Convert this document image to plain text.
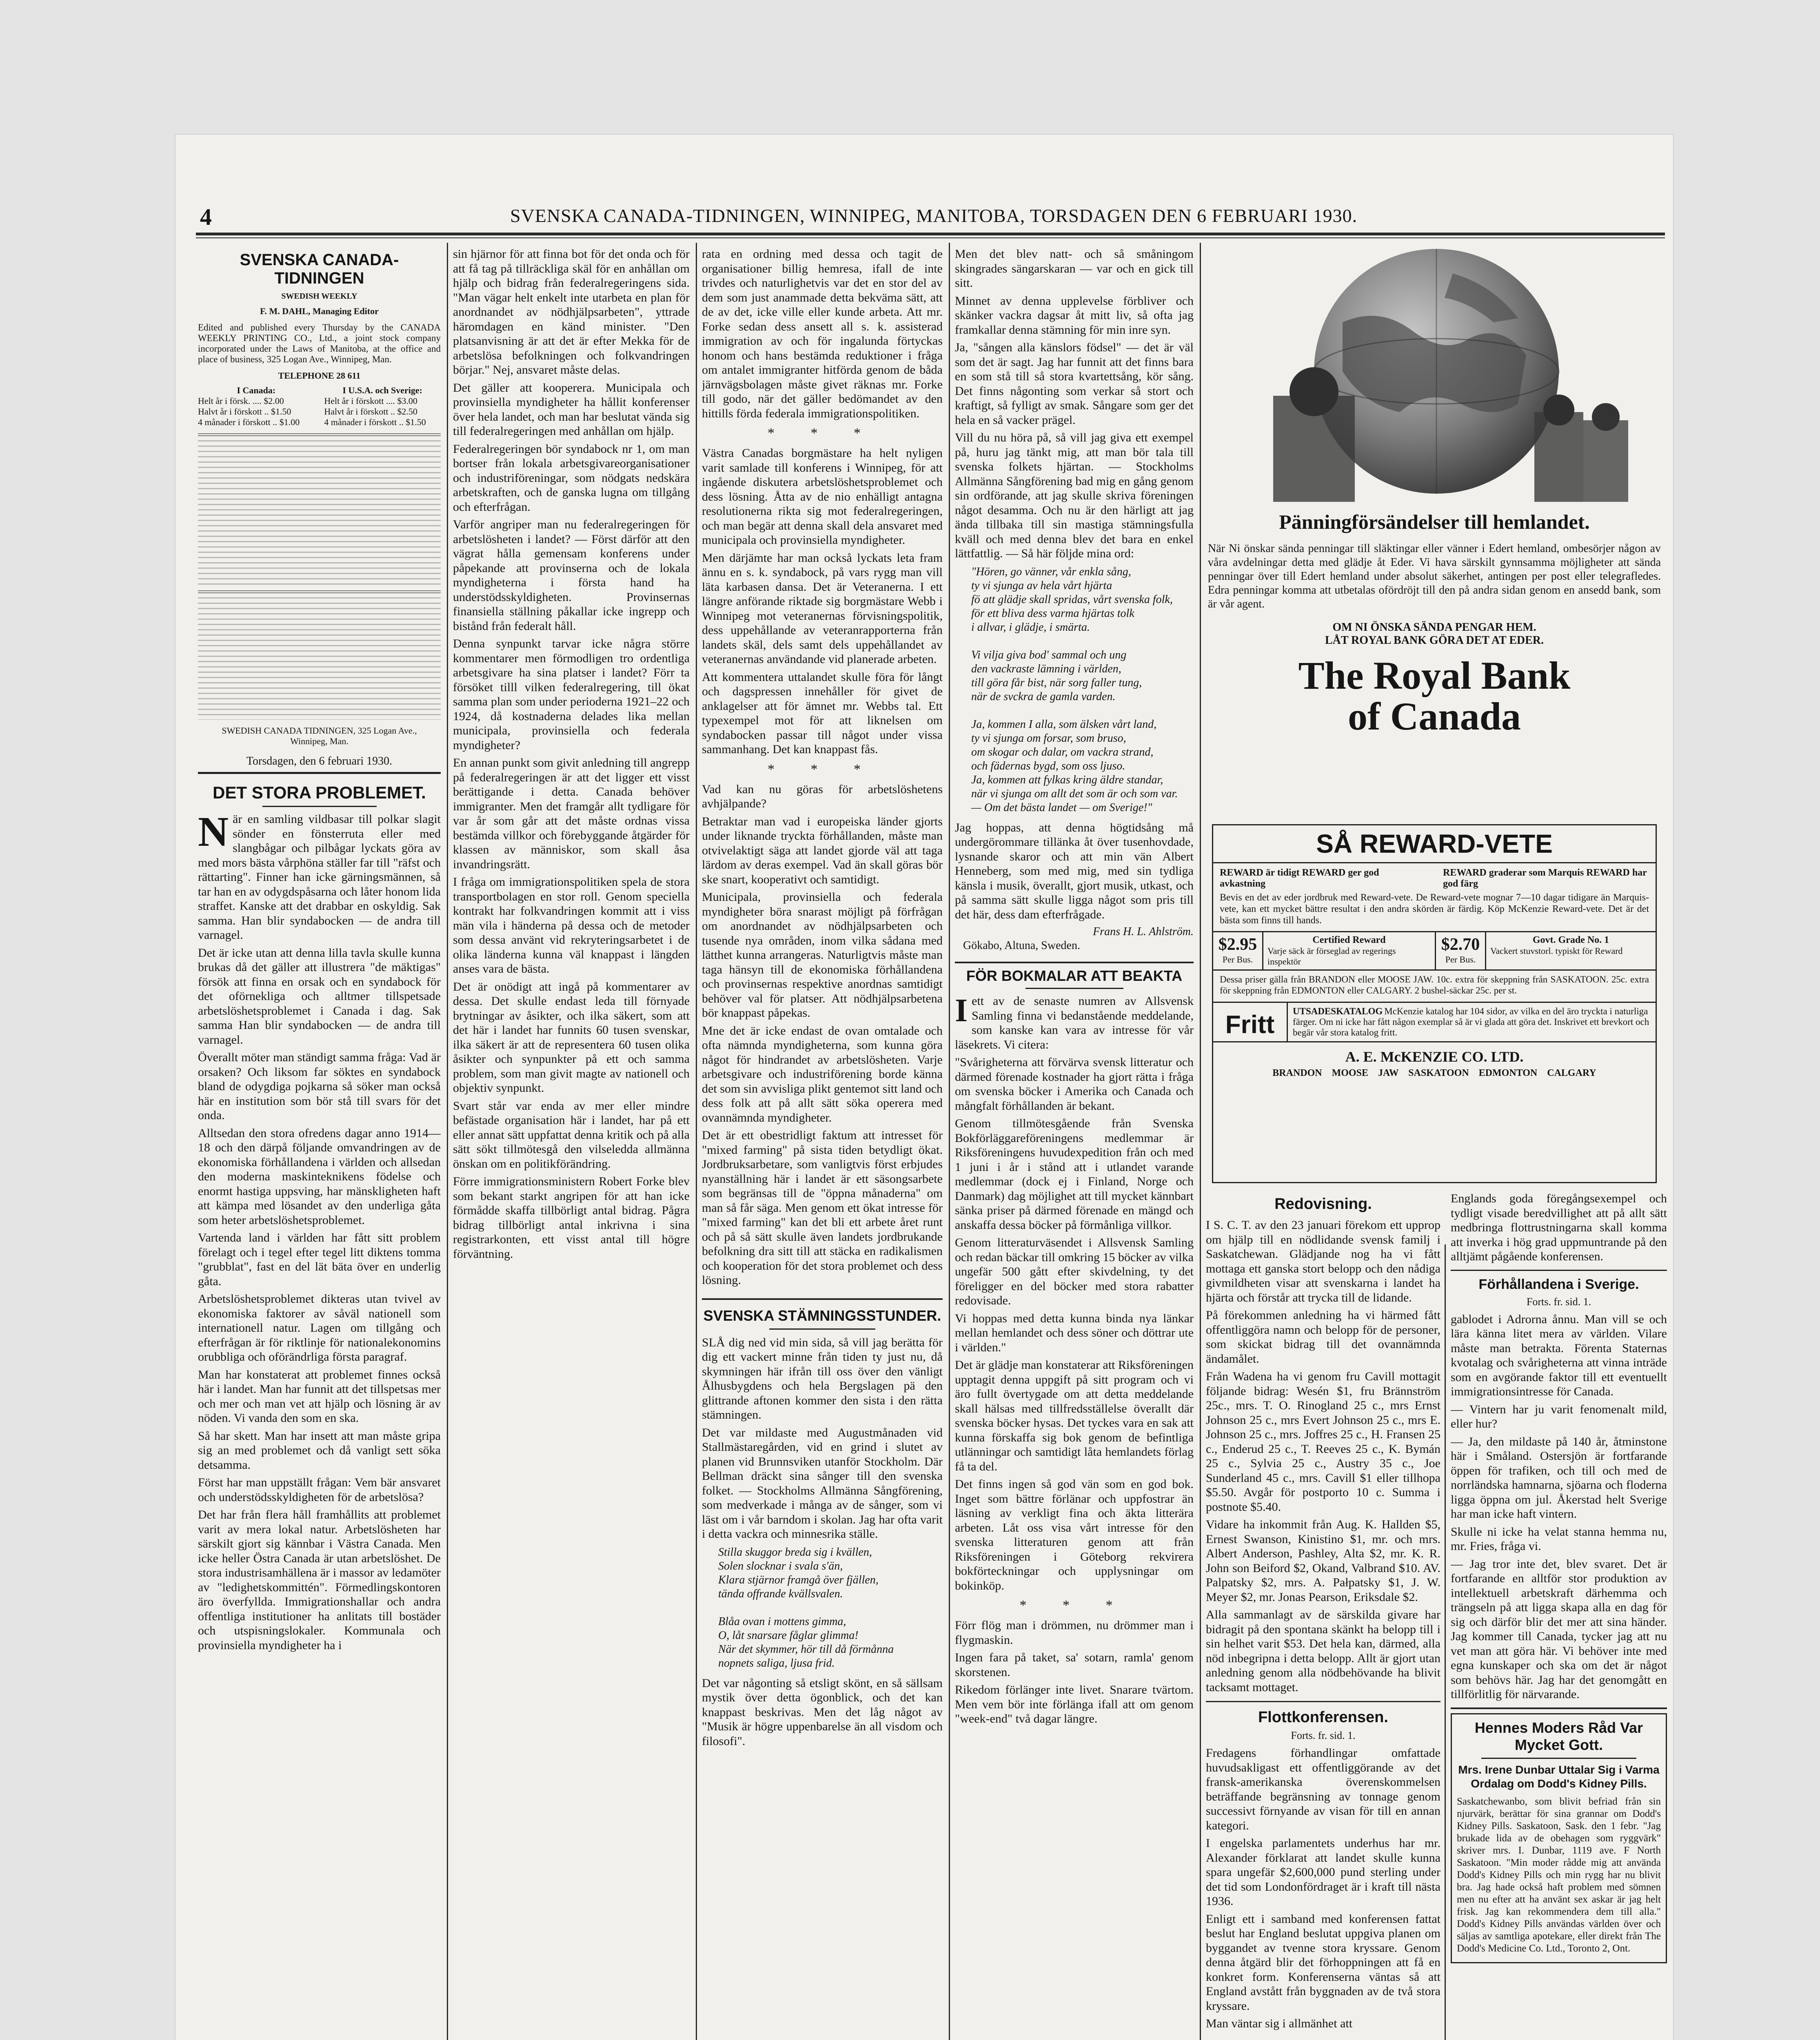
4	SVENSKA CANADA-TIDNINGEN, WINNIPEG, MANITOBA, TORSDAGEN DEN 6 FEBRUARI 1930.
SVENSKA CANADA-TIDNINGEN
SWEDISH WEEKLY
F. M. DAHL, Managing Editor

Edited and published every Thursday by the CANADA WEEKLY PRINTING CO., Ltd., a joint stock company incorporated under the Laws of Manitoba, at the office and place of business, 325 Logan Ave., Winnipeg, Man.

TELEPHONE 28 611
I Canada:
Helt år i försk. .... $2.00
Halvt år i förskott .. $1.50
4 månader i förskott .. $1.00
I U.S.A. och Sverige:
Helt år i förskott .... $3.00
Halvt år i förskott .. $2.50
4 månader i förskott .. $1.50
SWEDISH CANADA TIDNINGEN, 325 Logan Ave., Winnipeg, Man.
Torsdagen, den 6 februari 1930.
DET STORA PROBLEMET.

När en samling vildbasar till polkar slagit sönder en fönsterruta eller med slangbågar och pilbågar lyckats göra av med mors bästa vårphöna ställer far till "räfst och rättarting". Finner han icke gärningsmännen, så tar han en av odygdspåsarna och låter honom lida straffet. Kanske att det drabbar en oskyldig. Sak samma. Han blir syndabocken — de andra till varnagel.

Det är icke utan att denna lilla tavla skulle kunna brukas då det gäller att illustrera "de mäktigas" försök att finna en orsak och en syndabock för det oförnekliga och alltmer tillspetsade arbetslöshetsproblemet i Canada i dag. Sak samma Han blir syndabocken — de andra till varnagel.

Överallt möter man ständigt samma fråga: Vad är orsaken? Och liksom far söktes en syndabock bland de odygdiga pojkarna så söker man också här en institution som bör stå till svars för det onda.

Alltsedan den stora ofredens dagar anno 1914—18 och den därpå följande omvandringen av de ekonomiska förhållandena i världen och allsedan den moderna maskinteknikens födelse och enormt hastiga uppsving, har mänskligheten haft att kämpa med lösandet av den underliga gåta som heter arbetslöshetsproblemet.

Vartenda land i världen har fått sitt problem förelagt och i tegel efter tegel litt diktens tomma "grubblat", fast en del lät bäta över en underlig gåta.

Arbetslöshetsproblemet dikteras utan tvivel av ekonomiska faktorer av såväl nationell som internationell natur. Lagen om tillgång och efterfrågan är för riktlinje för nationalekonomins orubbliga och oförändrliga första paragraf.

Man har konstaterat att problemet finnes också här i landet. Man har funnit att det tillspetsas mer och mer och man vet att hjälp och lösning är av nöden. Vi vanda den som en ska.

Så har skett. Man har insett att man måste gripa sig an med problemet och då vanligt sett söka detsamma.

Först har man uppställt frågan: Vem bär ansvaret och understödsskyldigheten för de arbetslösa?

Det har från flera håll framhållits att problemet varit av mera lokal natur. Arbetslösheten har särskilt gjort sig kännbar i Västra Canada. Men icke heller Östra Canada är utan arbetslöshet. De stora industrisamhällena är i massor av ledamöter av "ledighetskommittén". Förmedlingskontoren äro överfyllda. Immigrationshallar och andra offentliga institutioner ha anlitats till bostäder och utspisningslokaler. Kommunala och provinsiella myndigheter ha i

sin hjärnor för att finna bot för det onda och för att få tag på tillräckliga skäl för en anhållan om hjälp och bidrag från federalregeringens sida. "Man vägar helt enkelt inte utarbeta en plan för anordnandet av nödhjälpsarbeten", yttrade häromdagen en känd minister. "Den platsanvisning är att det är efter Mekka för de arbetslösa befolkningen och folkvandringen börjar." Nej, ansvaret måste delas.

Det gäller att kooperera. Municipala och provinsiella myndigheter ha hållit konferenser över hela landet, och man har beslutat vända sig till federalregeringen med anhållan om hjälp.

Federalregeringen bör syndabock nr 1, om man bortser från lokala arbetsgivareorganisationer och industriföreningar, som nödgats nedskära arbetskraften, och de ganska lugna om tillgång och efterfrågan.

Varför angriper man nu federalregeringen för arbetslösheten i landet? — Först därför att den vägrat hålla gemensam konferens under påpekande att provinserna och de lokala myndigheterna i första hand ha understödsskyldigheten. Provinsernas finansiella ställning påkallar icke ingrepp och bistånd från federalt håll.

Denna synpunkt tarvar icke några större kommentarer men förmodligen tro ordentliga arbetsgivare ha sina platser i landet? Förr ta försöket tilll vilken federalregering, till ökat samma plan som under perioderna 1921–22 och 1924, då kostnaderna delades lika mellan municipala, provinsiella och federala myndigheter?

En annan punkt som givit anledning till angrepp på federalregeringen är att det ligger ett visst berättigande i detta. Canada behöver immigranter. Men det framgår allt tydligare för var år som går att det måste ordnas vissa bestämda villkor och förebyggande åtgärder för klassen av människor, som skall åsa invandringsrätt.

I fråga om immigrationspolitiken spela de stora transportbolagen en stor roll. Genom speciella kontrakt har folkvandringen kommit att i viss män vila i händerna på dessa och de metoder som dessa använt vid rekryteringsarbetet i de olika länderna kunna väl knappast i längden anses vara de bästa.

Det är onödigt att ingå på kommentarer av dessa. Det skulle endast leda till förnyade brytningar av åsikter, och ilka säkert, som att det här i landet har funnits 60 tusen svenskar, ilka säkert är att de representera 60 tusen olika åsikter och synpunkter på ett och samma problem, som man givit magte av nationell och objektiv synpunkt.

Svart står var enda av mer eller mindre befästade organisation här i landet, har på ett eller annat sätt uppfattat denna kritik och på alla sätt sökt tillmötesgå den vilseledda allmänna önskan om en politikförändring.

Förre immigrationsministern Robert Forke blev som bekant starkt angripen för att han icke förmådde skaffa tillbörligt antal bidrag. Pågra bidrag tillbörligt antal inkrivna i sina registrarkonten, ett visst antal till högre förväntning.

rata en ordning med dessa och tagit de organisationer billig hemresa, ifall de inte trivdes och naturlighetvis var det en stor del av dem som just anammade detta bekväma sätt, att de av det, icke ville eller kunde arbeta. Att mr. Forke sedan dess ansett all s. k. assisterad immigration av och för ingalunda förtyckas honom och hans bestämda reduktioner i fråga om antalet immigranter hitförda genom de båda järnvägsbolagen måste givet räknas mr. Forke till godo, när det gäller bedömandet av den hittills förda federala immigrationspolitiken.

* * *

Västra Canadas borgmästare ha helt nyligen varit samlade till konferens i Winnipeg, för att ingående diskutera arbetslöshetsproblemet och dess lösning. Åtta av de nio enhälligt antagna resolutionerna rikta sig mot federalregeringen, och man begär att denna skall dela ansvaret med municipala och provinsiella myndigheter.

Men därjämte har man också lyckats leta fram ännu en s. k. syndabock, på vars rygg man vill läta karbasen dansa. Det är Veteranerna. I ett längre anförande riktade sig borgmästare Webb i Winnipeg mot veteranernas förvisningspolitik, dess uppehållande av veteranrapporterna från landets skäl, dels samt dels uppehållandet av veteranernas användande vid planerade arbeten.

Att kommentera uttalandet skulle föra för långt och dagspressen innehåller för givet de anklagelser att för ämnet mr. Webbs tal. Ett typexempel mot för att liknelsen om syndabocken passar till något under vissa sammanhang. Det kan knappast fås.

* * *

Vad kan nu göras för arbetslöshetens avhjälpande?

Betraktar man vad i europeiska länder gjorts under liknande tryckta förhållanden, måste man otvivelaktigt säga att landet gjorde väl att taga lärdom av deras exempel. Vad än skall göras bör ske snart, kooperativt och samtidigt.

Municipala, provinsiella och federala myndigheter böra snarast möjligt på förfrågan om anordnandet av nödhjälpsarbeten och tusende nya områden, inom vilka sådana med lätthet kunna arrangeras. Naturligtvis måste man taga hänsyn till de ekonomiska förhållandena och provinsernas respektive anordnas samtidigt behöver val för platser. Att nödhjälpsarbetena bör knappast påpekas.

Mne det är icke endast de ovan omtalade och ofta nämnda myndigheterna, som kunna göra något för hindrandet av arbetslösheten. Varje arbetsgivare och industriförening borde känna det som sin avvisliga plikt gentemot sitt land och dess folk att på allt sätt söka operera med ovannämnda myndigheter.

Det är ett obestridligt faktum att intresset för "mixed farming" på sista tiden betydligt ökat. Jordbruksarbetare, som vanligtvis först erbjudes nyanställning här i landet är ett säsongsarbete som begränsas till de "öppna månaderna" om man så får säga. Men genom ett ökat intresse för "mixed farming" kan det bli ett arbete året runt och på så sätt skulle även landets jordbrukande befolkning dra sitt till att stäcka en radikalismen och kooperation för det stora problemet och dess lösning.

SVENSKA STÄMNINGSSTUNDER.

SLÅ dig ned vid min sida, så vill jag berätta för dig ett vackert minne från tiden ty just nu, då skymningen här ifrån till oss över den vänligt Ålhusbygdens och hela Bergslagen pä den glittrande aftonen kommer den sista i den rätta stämningen.

Det var mildaste med Augustmånaden vid Stallmästaregården, vid en grind i slutet av planen vid Brunnsviken utanför Stockholm. Där Bellman dräckt sina sånger till den svenska folket. — Stockholms Allmänna Sångförening, som medverkade i många av de sånger, som vi läst om i vår barndom i skolan. Jag har ofta varit i detta vackra och minnesrika ställe.

Stilla skuggor breda sig i kvällen,
Solen slocknar i svala s'än,
Klara stjärnor framgå över fjällen,
tända offrande kvällsvalen.

Blåa ovan i mottens gimma,
O, låt snarsare fåglar glimma!
När det skymmer, hör till då förmånna
nopnets saliga, ljusa frid.

Det var någonting så etsligt skönt, en så sällsam mystik över detta ögonblick, och det kan knappast beskrivas. Men det låg något av "Musik är högre uppenbarelse än all visdom och filosofi".

Men det blev natt- och så småningom skingrades sängarskaran — var och en gick till sitt.

Minnet av denna upplevelse förbliver och skänker vackra dagsar åt mitt liv, så ofta jag framkallar denna stämning för min inre syn.

Ja, "sången alla känslors födsel" — det är väl som det är sagt. Jag har funnit att det finns bara en som stå till så stora kvartettsång, kör sång. Det finns någonting som verkar så stort och kraftigt, så fylligt av smak. Sångare som ger det hela en så vacker prägel.

Vill du nu höra på, så vill jag giva ett exempel på, huru jag tänkt mig, att man bör tala till svenska folkets hjärtan. — Stockholms Allmänna Sångförening bad mig en gång genom sin ordförande, att jag skulle skriva föreningen något desamma. Och nu är den härligt att jag ända tillbaka till sin mastiga stämningsfulla kväll och med denna blev det bara en enkel lättfattlig. — Så här följde mina ord:

"Hören, go vänner, vår enkla sång,
ty vi sjunga av hela vårt hjärta
fö att glädje skall spridas, vårt svenska folk,
för ett bliva dess varma hjärtas tolk
i allvar, i glädje, i smärta.

Vi vilja giva bod' sammal och ung
den vackraste lämning i världen,
till göra får bist, när sorg faller tung,
när de svckra de gamla varden.

Ja, kommen I alla, som älsken vårt land,
ty vi sjunga om forsar, som bruso,
om skogar och dalar, om vackra strand,
och fädernas bygd, som oss ljuso.
Ja, kommen att fylkas kring äldre standar,
när vi sjunga om allt det som är och som var.
— Om det bästa landet — om Sverige!"

Jag hoppas, att denna högtidsång må undergörommare tillänka åt över tusenhovdade, lysnande skaror och att min vän Albert Henneberg, som med mig, med sin tydliga känsla i musik, överallt, gjort musik, utkast, och på samma sätt skulle ligga något som pris till det här, dess dam efterfrågade.

Frans H. L. Ahlström.

Gökabo, Altuna, Sweden.

FÖR BOKMALAR ATT BEAKTA

Iett av de senaste numren av Allsvensk Samling finna vi bedanstående meddelande, som kanske kan vara av intresse för vår läsekrets. Vi citera:

"Svårigheterna att förvärva svensk litteratur och därmed förenade kostnader ha gjort rätta i fråga om svenska böcker i Amerika och Canada och mångfalt förhållanden är bekant.

Genom tillmötesgående från Svenska Bokförläggareföreningens medlemmar är Riksföreningens huvudexpedition från och med 1 juni i år i stånd att i utlandet varande medlemmar (dock ej i Finland, Norge och Danmark) dag möjlighet att till mycket kännbart sänka priser på därmed förenade en mängd och anskaffa dessa böcker på förmånliga villkor.

Genom litteraturväsendet i Allsvensk Samling och redan bäckar till omkring 15 böcker av vilka ungefär 500 gått efter skivdelning, ty det föreligger en del böcker med stora rabatter redovisade.

Vi hoppas med detta kunna binda nya länkar mellan hemlandet och dess söner och döttrar ute i världen."

Det är glädje man konstaterar att Riksföreningen upptagit denna uppgift på sitt program och vi äro fullt övertygade om att detta meddelande skall hälsas med tillfredsställelse överallt där svenska böcker hysas. Det tyckes vara en sak att kunna förskaffa sig bok genom de befintliga utlänningar och samtidigt låta hemlandets förlag få ta del.

Det finns ingen så god vän som en god bok. Inget som bättre förlänar och uppfostrar än läsning av verkligt fina och äkta litterära arbeten. Låt oss visa vårt intresse för den svenska litteraturen genom att från Riksföreningen i Göteborg rekvirera bokförteckningar och upplysningar om bokinköp.

* * *

Förr flög man i drömmen, nu drömmer man i flygmaskin.

Ingen fara på taket, sa' sotarn, ramla' genom skorstenen.

Rikedom förlänger inte livet. Snarare tvärtom. Men vem bör inte förlänga ifall att om genom "week-end" två dagar längre.

Pänningförsändelser till hemlandet.

När Ni önskar sända penningar till släktingar eller vänner i Edert hemland, ombesörjer någon av våra avdelningar detta med glädje åt Eder. Vi hava särskilt gynnsamma möjligheter att sända penningar över till Edert hemland under absolut säkerhet, antingen per post eller telegrafledes. Edra penningar komma att utbetalas ofördröjt till den på andra sidan genom en ansedd bank, som är vår agent.

OM NI ÖNSKA SÄNDA PENGAR HEM.
LÅT ROYAL BANK GÖRA DET AT EDER.
The Royal Bank
of Canada
SÅ REWARD-VETE
REWARD är tidigt REWARD ger god avkastning
REWARD graderar som Marquis REWARD har god färg

Bevis en det av eder jordbruk med Reward-vete. De Reward-vete mognar 7—10 dagar tidigare än Marquis-vete, kan ett mycket bättre resultat i den andra skörden är färdig. Köp McKenzie Reward-vete. Det är det bästa som finns till hands.

$2.95
Per Bus.
Certified Reward
Varje säck är förseglad av regerings inspektör
$2.70
Per Bus.
Govt. Grade No. 1
Vackert stuvstorl. typiskt för Reward

Dessa priser gälla från BRANDON eller MOOSE JAW. 10c. extra för skeppning från SASKATOON. 25c. extra för skeppning från EDMONTON eller CALGARY. 2 bushel-säckar 25c. per st.

Fritt	UTSADESKATALOG McKenzie katalog har 104 sidor, av vilka en del äro tryckta i naturliga färger. Om ni icke har fått någon exemplar så är vi glada att göra det. Inskrivet ett brevkort och begär vår stora katalog fritt.
A. E. McKENZIE CO. LTD.
BRANDON MOOSE JAW SASKATOON EDMONTON CALGARY
Redovisning.

I S. C. T. av den 23 januari förekom ett upprop om hjälp till en nödlidande svensk familj i Saskatchewan. Glädjande nog ha vi fått mottaga ett ganska stort belopp och den nådiga givmildheten visar att svenskarna i landet ha hjärta och förstår att trycka till de lidande.

På förekommen anledning ha vi härmed fått offentliggöra namn och belopp för de personer, som skickat bidrag till det ovannämnda ändamålet.

Från Wadena ha vi genom fru Cavill mottagit följande bidrag: Wesén $1, fru Brännström 25c., mrs. T. O. Rinogland 25 c., mrs Ernst Johnson 25 c., mrs Evert Johnson 25 c., mrs E. Johnson 25 c., mrs. Joffres 25 c., H. Fransen 25 c., Enderud 25 c., T. Reeves 25 c., K. Bymán 25 c., Sylvia 25 c., Austry 35 c., Joe Sunderland 45 c., mrs. Cavill $1 eller tillhopa $5.50. Avgår för postporto 10 c. Summa i postnote $5.40.

Vidare ha inkommit från Aug. K. Hallden $5, Ernest Swanson, Kinistino $1, mr. och mrs. Albert Anderson, Pashley, Alta $2, mr. K. R. John son Beiford $2, Okand, Valbrand $10. AV. Palpatsky $2, mrs. A. Pałpatsky $1, J. W. Meyer $2, mr. Jonas Pearson, Eriksdale $2.

Alla sammanlagt av de särskilda givare har bidragit på den spontana skänkt ha belopp till i sin helhet varit $53. Det hela kan, därmed, alla nöd inbegripna i detta belopp. Allt är gjort utan anledning genom alla nödbehövande ha blivit tacksamt mottaget.

Flottkonferensen.
Forts. fr. sid. 1.

Fredagens förhandlingar omfattade huvudsakligast ett offentliggörande av det fransk-amerikanska överenskommelsen beträffande begränsning av tonnage genom successivt förnyande av visan för till en annan kategori.

I engelska parlamentets underhus har mr. Alexander förklarat att landet skulle kunna spara ungefär $2,600,000 pund sterling under det tid som Londonfördraget är i kraft till nästa 1936.

Enligt ett i samband med konferensen fattat beslut har England beslutat uppgiva planen om byggandet av tvenne stora kryssare. Genom denna åtgärd blir det förhoppningen att få en konkret form. Konferenserna väntas så att England avstått från byggnaden av de två stora kryssare.

Man väntar sig i allmänhet att

Englands goda föregångsexempel och tydligt visade beredvillighet att på allt sätt medbringa flottrustningarna skall komma att inverka i hög grad uppmuntrande på den alltjämt pågående konferensen.

Förhållandena i Sverige.
Forts. fr. sid. 1.

gablodet i Adrorna ånnu. Man vill se och lära känna litet mera av världen. Vilare måste man betrakta. Förenta Staternas kvotalag och svårigheterna att vinna inträde som en avgörande faktor till ett eventuellt immigrationsintresse för Canada.

— Vintern har ju varit fenomenalt mild, eller hur?

— Ja, den mildaste på 140 år, åtminstone här i Småland. Ostersjön är fortfarande öppen för trafiken, och till och med de norrländska hamnarna, sjöarna och floderna ligga öppna om jul. Åkerstad helt Sverige har man icke haft vintern.

Skulle ni icke ha velat stanna hemma nu, mr. Fries, fråga vi.

— Jag tror inte det, blev svaret. Det är fortfarande en alltför stor produktion av intellektuell arbetskraft därhemma och trängseln på att ligga skapa alla en dag för sig och därför blir det mer att sina händer. Jag kommer till Canada, tycker jag att nu vet man att göra här. Vi behöver inte med egna kunskaper och ska om det är något som behövs här. Jag har det genomgått en tillförlitlig för närvarande.

Hennes Moders Råd Var Mycket Gott.
Mrs. Irene Dunbar Uttalar Sig i Varma Ordalag om Dodd's Kidney Pills.

Saskatchewanbo, som blivit befriad från sin njurvärk, berättar för sina grannar om Dodd's Kidney Pills. Saskatoon, Sask. den 1 febr. "Jag brukade lida av de obehagen som ryggvärk" skriver mrs. I. Dunbar, 1119 ave. F North Saskatoon. "Min moder rådde mig att använda Dodd's Kidney Pills och min rygg har nu blivit bra. Jag hade också haft problem med sömnen men nu efter att ha använt sex askar är jag helt frisk. Jag kan rekommendera dem till alla." Dodd's Kidney Pills användas världen över och säljas av samtliga apotekare, eller direkt från The Dodd's Medicine Co. Ltd., Toronto 2, Ont.
